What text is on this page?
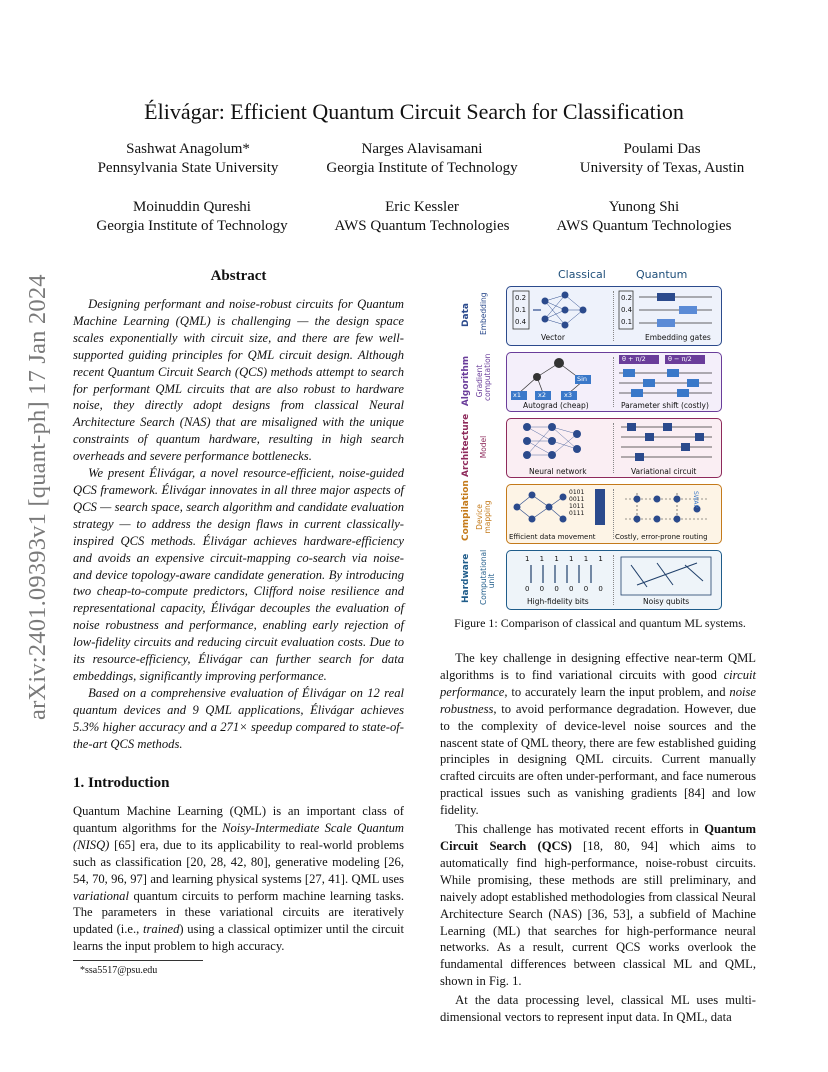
arXiv:2401.09393v1 [quant-ph] 17 Jan 2024
Élivágar: Efficient Quantum Circuit Search for Classification
Sashwat Anagolum*
Pennsylvania State University
Narges Alavisamani
Georgia Institute of Technology
Poulami Das
University of Texas, Austin
Moinuddin Qureshi
Georgia Institute of Technology
Eric Kessler
AWS Quantum Technologies
Yunong Shi
AWS Quantum Technologies
Abstract

Designing performant and noise-robust circuits for Quantum Machine Learning (QML) is challenging — the design space scales exponentially with circuit size, and there are few well-supported guiding principles for QML circuit design. Although recent Quantum Circuit Search (QCS) methods attempt to search for performant QML circuits that are also robust to hardware noise, they directly adopt designs from classical Neural Architecture Search (NAS) that are misaligned with the unique constraints of quantum hardware, resulting in high search overheads and severe performance bottlenecks.

We present Élivágar, a novel resource-efficient, noise-guided QCS framework. Élivágar innovates in all three major aspects of QCS — search space, search algorithm and candidate evaluation strategy — to address the design flaws in current classically-inspired QCS methods. Élivágar achieves hardware-efficiency and avoids an expensive circuit-mapping co-search via noise- and device topology-aware candidate generation. By introducing two cheap-to-compute predictors, Clifford noise resilience and representational capacity, Élivágar decouples the evaluation of noise robustness and performance, enabling early rejection of low-fidelity circuits and reducing circuit evaluation costs. Due to its resource-efficiency, Élivágar can further search for data embeddings, significantly improving performance.

Based on a comprehensive evaluation of Élivágar on 12 real quantum devices and 9 QML applications, Élivágar achieves 5.3% higher accuracy and a 271× speedup compared to state-of-the-art QCS methods.

1. Introduction

Quantum Machine Learning (QML) is an important class of quantum algorithms for the Noisy-Intermediate Scale Quantum (NISQ) [65] era, due to its applicability to real-world problems such as classification [20, 28, 42, 80], generative modeling [26, 54, 70, 96, 97] and learning physical systems [27, 41]. QML uses variational quantum circuits to perform machine learning tasks. The parameters in these variational circuits are iteratively updated (i.e., trained) using a classical optimizer until the circuit learns the input problem to high accuracy.

*ssa5517@psu.edu
Classical	Quantum
0.2
0.1
0.4
0.2
0.4
0.1
Vector	Embedding gates
Data Embedding
x1	x2	x3
Sin
θ + π/2	θ − π/2
Autograd (cheap)	Parameter shift (costly)
Algorithm Gradient computation
Neural network	Variational circuit
Architecture Model
0101
0011
1011
0111
SWAP
Efficient data movement	Costly, error-prone routing
Compilation Device mapping
1 1 1 1 1 1
0 0 0 0 0 0
High-fidelity bits	Noisy qubits
Hardware Computational unit
Figure 1: Comparison of classical and quantum ML systems.

The key challenge in designing effective near-term QML algorithms is to find variational circuits with good circuit performance, to accurately learn the input problem, and noise robustness, to avoid performance degradation. However, due to the complexity of device-level noise sources and the nascent state of QML theory, there are few established guiding principles in designing QML circuits. Current manually crafted circuits are often under-performant, and face numerous practical issues such as vanishing gradients [84] and low fidelity.

This challenge has motivated recent efforts in Quantum Circuit Search (QCS) [18, 80, 94] which aims to automatically find high-performance, noise-robust circuits. While promising, these methods are still preliminary, and naively adopt established methodologies from classical Neural Architecture Search (NAS) [36, 53], a subfield of Machine Learning (ML) that searches for high-performance neural networks. As a result, current QCS works overlook the fundamental differences between classical ML and QML, shown in Fig. 1.

At the data processing level, classical ML uses multi-dimensional vectors to represent input data. In QML, data
